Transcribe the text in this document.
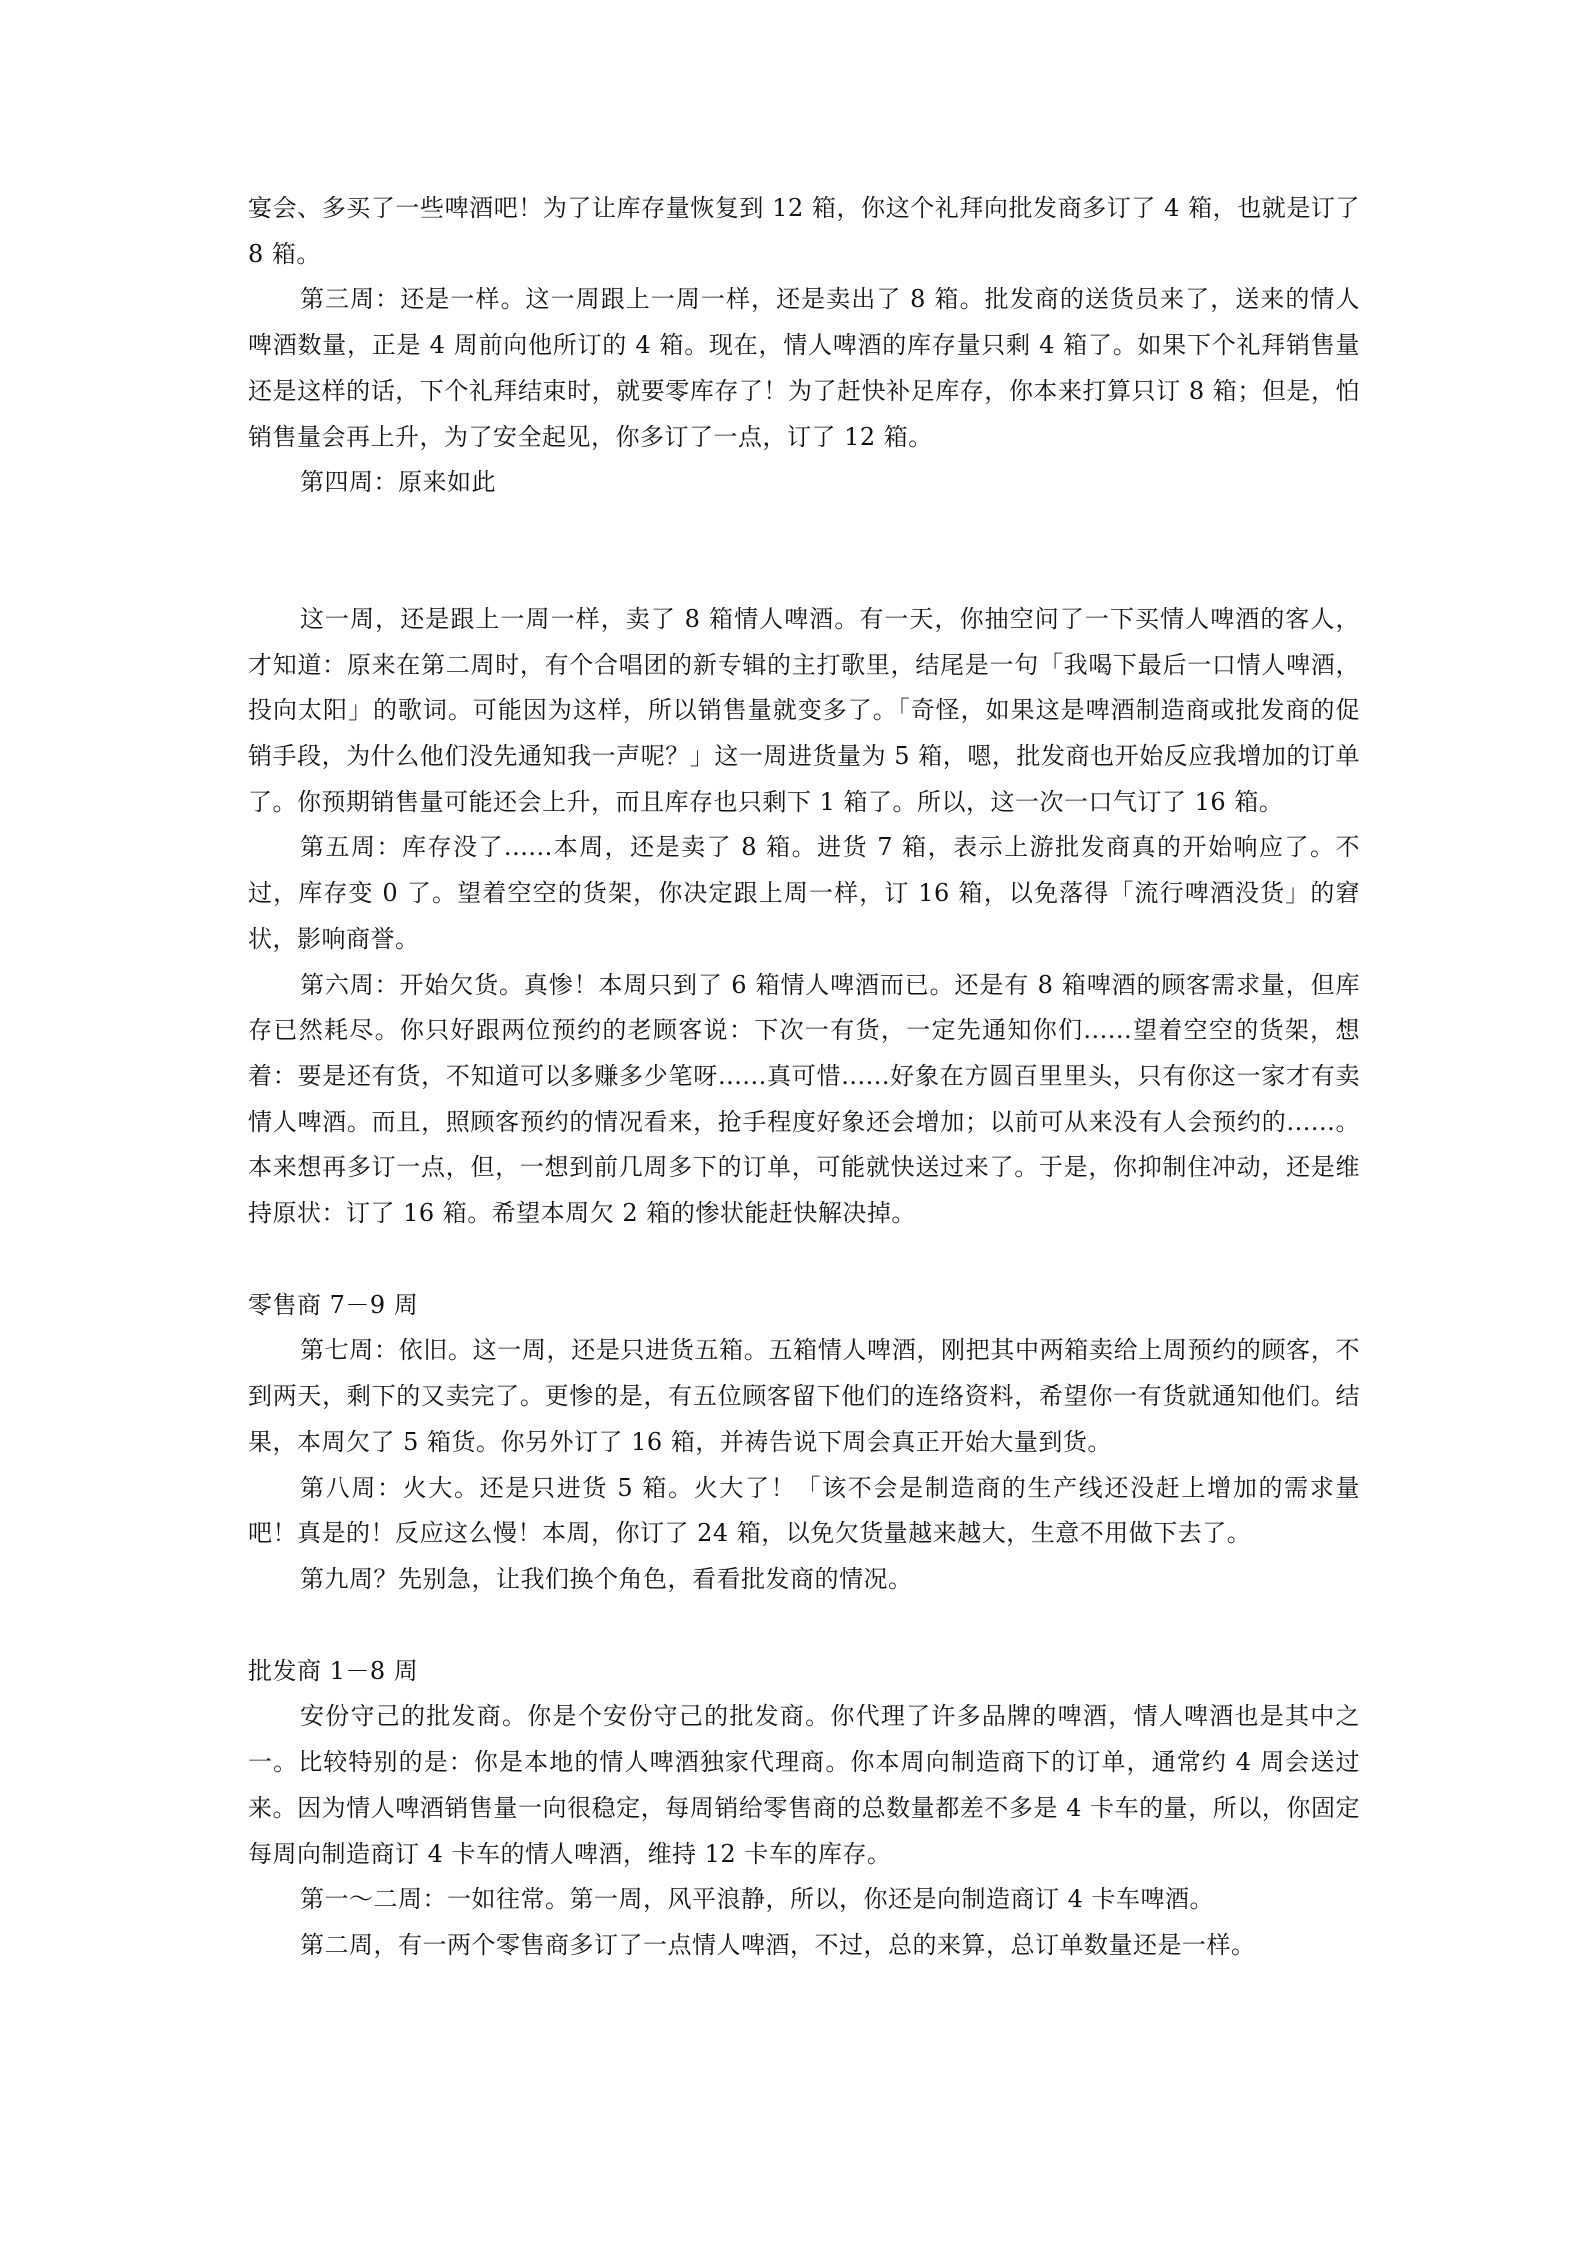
宴会、多买了一些啤酒吧！为了让库存量恢复到 12 箱，你这个礼拜向批发商多订了 4 箱，也就是订了 8 箱。

第三周：还是一样。这一周跟上一周一样，还是卖出了 8 箱。批发商的送货员来了，送来的情人啤酒数量，正是 4 周前向他所订的 4 箱。现在，情人啤酒的库存量只剩 4 箱了。如果下个礼拜销售量还是这样的话，下个礼拜结束时，就要零库存了！为了赶快补足库存，你本来打算只订 8 箱；但是，怕销售量会再上升，为了安全起见，你多订了一点，订了 12 箱。

第四周：原来如此

这一周，还是跟上一周一样，卖了 8 箱情人啤酒。有一天，你抽空问了一下买情人啤酒的客人，才知道：原来在第二周时，有个合唱团的新专辑的主打歌里，结尾是一句「我喝下最后一口情人啤酒，投向太阳」的歌词。可能因为这样，所以销售量就变多了。「奇怪，如果这是啤酒制造商或批发商的促销手段，为什么他们没先通知我一声呢？」这一周进货量为 5 箱，嗯，批发商也开始反应我增加的订单了。你预期销售量可能还会上升，而且库存也只剩下 1 箱了。所以，这一次一口气订了 16 箱。

第五周：库存没了......本周，还是卖了 8 箱。进货 7 箱，表示上游批发商真的开始响应了。不过，库存变 0 了。望着空空的货架，你决定跟上周一样，订 16 箱，以免落得「流行啤酒没货」的窘状，影响商誉。

第六周：开始欠货。真惨！本周只到了 6 箱情人啤酒而已。还是有 8 箱啤酒的顾客需求量，但库存已然耗尽。你只好跟两位预约的老顾客说：下次一有货，一定先通知你们......望着空空的货架，想着：要是还有货，不知道可以多赚多少笔呀......真可惜......好象在方圆百里里头，只有你这一家才有卖情人啤酒。而且，照顾客预约的情况看来，抢手程度好象还会增加；以前可从来没有人会预约的......。本来想再多订一点，但，一想到前几周多下的订单，可能就快送过来了。于是，你抑制住冲动，还是维持原状：订了 16 箱。希望本周欠 2 箱的惨状能赶快解决掉。

零售商 7－9 周

第七周：依旧。这一周，还是只进货五箱。五箱情人啤酒，刚把其中两箱卖给上周预约的顾客，不到两天，剩下的又卖完了。更惨的是，有五位顾客留下他们的连络资料，希望你一有货就通知他们。结果，本周欠了 5 箱货。你另外订了 16 箱，并祷告说下周会真正开始大量到货。

第八周：火大。还是只进货 5 箱。火大了！「该不会是制造商的生产线还没赶上增加的需求量吧！真是的！反应这么慢！本周，你订了 24 箱，以免欠货量越来越大，生意不用做下去了。

第九周？先别急，让我们换个角色，看看批发商的情况。

批发商 1－8 周

安份守己的批发商。你是个安份守己的批发商。你代理了许多品牌的啤酒，情人啤酒也是其中之一。比较特别的是：你是本地的情人啤酒独家代理商。你本周向制造商下的订单，通常约 4 周会送过来。因为情人啤酒销售量一向很稳定，每周销给零售商的总数量都差不多是 4 卡车的量，所以，你固定每周向制造商订 4 卡车的情人啤酒，维持 12 卡车的库存。

第一～二周：一如往常。第一周，风平浪静，所以，你还是向制造商订 4 卡车啤酒。

第二周，有一两个零售商多订了一点情人啤酒，不过，总的来算，总订单数量还是一样。
